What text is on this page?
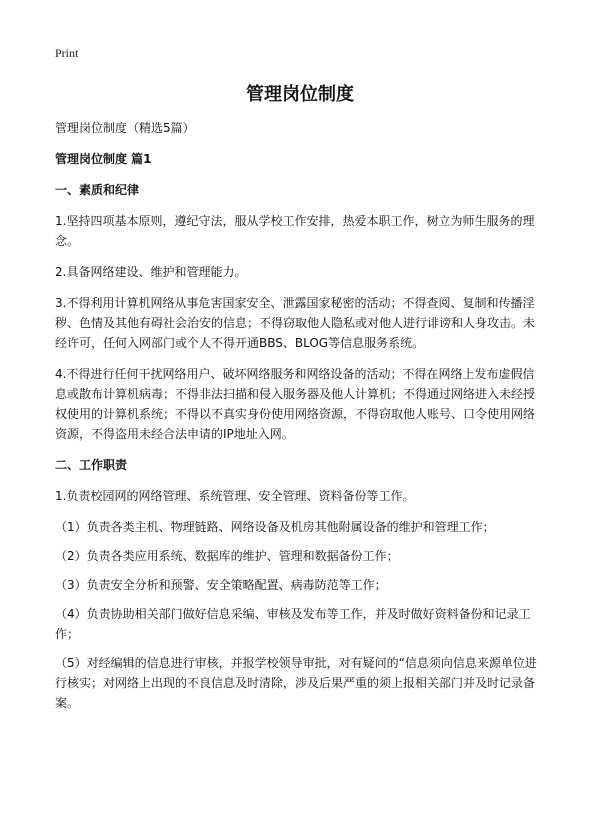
Print
管理岗位制度

管理岗位制度（精选5篇）

管理岗位制度 篇1

一、素质和纪律

1.坚持四项基本原则，遵纪守法，服从学校工作安排，热爱本职工作，树立为师生服务的理念。

2.具备网络建设、维护和管理能力。

3.不得利用计算机网络从事危害国家安全、泄露国家秘密的活动；不得查阅、复制和传播淫秽、色情及其他有碍社会治安的信息；不得窃取他人隐私或对他人进行诽谤和人身攻击。未经许可，任何入网部门或个人不得开通BBS、BLOG等信息服务系统。

4.不得进行任何干扰网络用户、破坏网络服务和网络设备的活动；不得在网络上发布虚假信息或散布计算机病毒；不得非法扫描和侵入服务器及他人计算机；不得通过网络进入未经授权使用的计算机系统；不得以不真实身份使用网络资源，不得窃取他人账号、口令使用网络资源，不得盗用未经合法申请的IP地址入网。

二、工作职责

1.负责校园网的网络管理、系统管理、安全管理、资料备份等工作。

（1）负责各类主机、物理链路、网络设备及机房其他附属设备的维护和管理工作；

（2）负责各类应用系统、数据库的维护、管理和数据备份工作；

（3）负责安全分析和预警、安全策略配置、病毒防范等工作；

（4）负责协助相关部门做好信息采编、审核及发布等工作，并及时做好资料备份和记录工作；

（5）对经编辑的信息进行审核，并报学校领导审批，对有疑问的“信息须向信息来源单位进行核实；对网络上出现的不良信息及时清除，涉及后果严重的须上报相关部门并及时记录备案。
